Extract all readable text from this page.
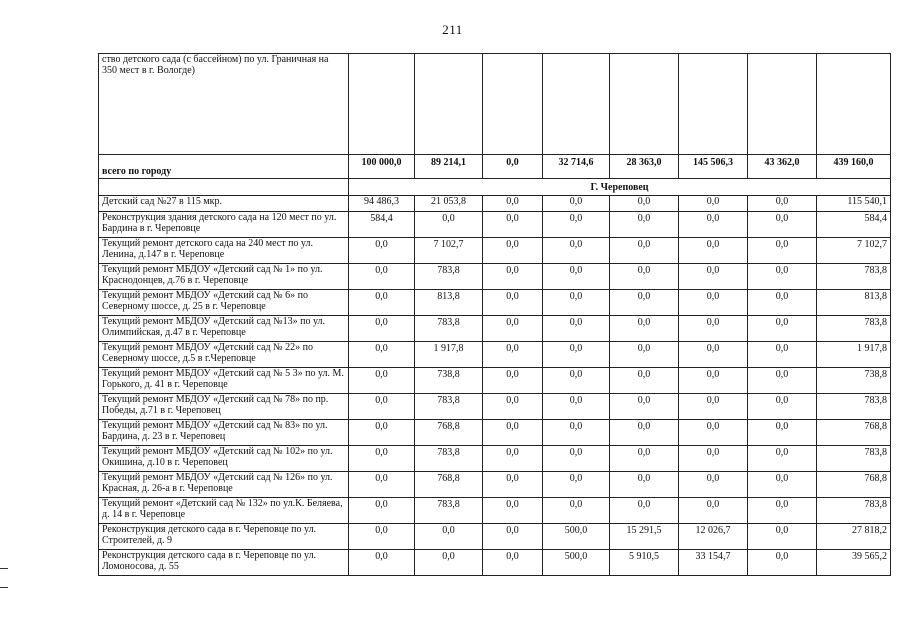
211
ство детского сада (с бассейном) по ул. Граничная на 350 мест в г. Вологде)								
всего по городу	100 000,0	89 214,1	0,0	32 714,6	28 363,0	145 506,3	43 362,0	439 160,0
	Г. Череповец							
Детский сад №27 в 115 мкр.	94 486,3	21 053,8	0,0	0,0	0,0	0,0	0,0	115 540,1
Реконструкция здания детского сада на 120 мест по ул. Бардина в г. Череповце	584,4	0,0	0,0	0,0	0,0	0,0	0,0	584,4
Текущий ремонт детского сада на 240 мест по ул. Ленина, д.147 в г. Череповце	0,0	7 102,7	0,0	0,0	0,0	0,0	0,0	7 102,7
Текущий ремонт МБДОУ «Детский сад № 1» по ул. Краснодонцев, д.76 в г. Череповце	0,0	783,8	0,0	0,0	0,0	0,0	0,0	783,8
Текущий ремонт МБДОУ «Детский сад № 6» по Северному шоссе, д. 25 в г. Череповце	0,0	813,8	0,0	0,0	0,0	0,0	0,0	813,8
Текущий ремонт МБДОУ «Детский сад №13» по ул. Олимпийская, д.47 в г. Череповце	0,0	783,8	0,0	0,0	0,0	0,0	0,0	783,8
Текущий ремонт МБДОУ «Детский сад № 22» по Северному шоссе, д.5 в г.Череповце	0,0	1 917,8	0,0	0,0	0,0	0,0	0,0	1 917,8
Текущий ремонт МБДОУ «Детский сад № 5 3» по ул. М. Горького, д. 41 в г. Череповце	0,0	738,8	0,0	0,0	0,0	0,0	0,0	738,8
Текущий ремонт МБДОУ «Детский сад № 78» по пр. Победы, д.71 в г. Череповец	0,0	783,8	0,0	0,0	0,0	0,0	0,0	783,8
Текущий ремонт МБДОУ «Детский сад № 83» по ул. Бардина, д. 23 в г. Череповец	0,0	768,8	0,0	0,0	0,0	0,0	0,0	768,8
Текущий ремонт МБДОУ «Детский сад № 102» по ул. Окишина, д.10 в г. Череповец	0,0	783,8	0,0	0,0	0,0	0,0	0,0	783,8
Текущий ремонт МБДОУ «Детский сад № 126» по ул. Красная, д. 26-а в г. Череповце	0,0	768,8	0,0	0,0	0,0	0,0	0,0	768,8
Текущий ремонт «Детский сад № 132» по ул.К. Беляева, д. 14 в г. Череповце	0,0	783,8	0,0	0,0	0,0	0,0	0,0	783,8
Реконструкция детского сада в г. Череповце по ул. Строителей, д. 9	0,0	0,0	0,0	500,0	15 291,5	12 026,7	0,0	27 818,2
Реконструкция детского сада в г. Череповце по ул. Ломоносова, д. 55	0,0	0,0	0,0	500,0	5 910,5	33 154,7	0,0	39 565,2
